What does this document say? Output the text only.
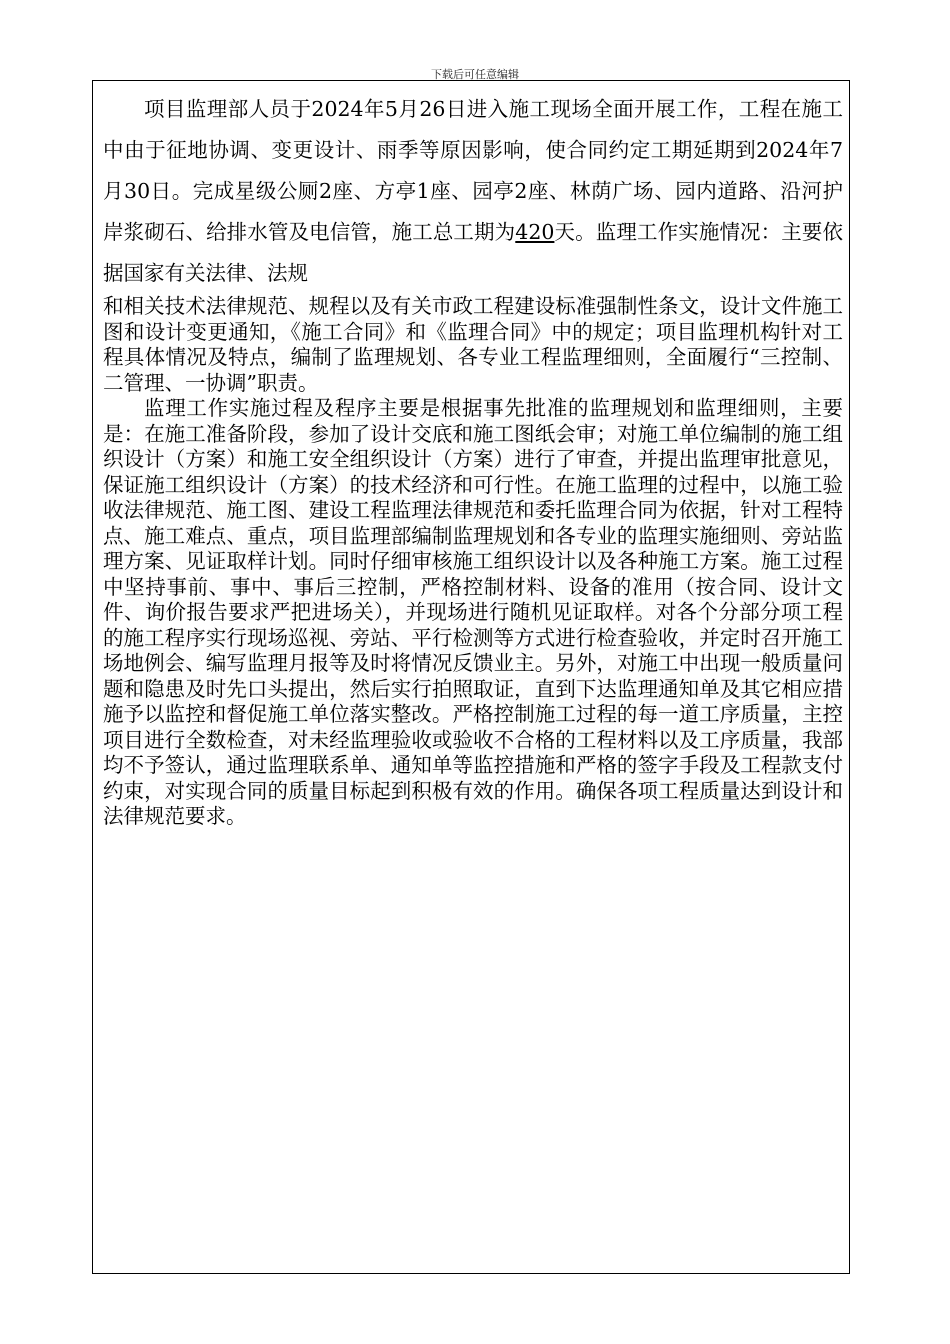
下载后可任意编辑

项目监理部人员于2024年5月26日进入施工现场全面开展工作，工程在施工中由于征地协调、变更设计、雨季等原因影响，使合同约定工期延期到2024年7月30日。完成星级公厕2座、方亭1座、园亭2座、林荫广场、园内道路、沿河护岸浆砌石、给排水管及电信管，施工总工期为420天。监理工作实施情况：主要依据国家有关法律、法规
和相关技术法律规范、规程以及有关市政工程建设标准强制性条文，设计文件施工图和设计变更通知，《施工合同》和《监理合同》中的规定；项目监理机构针对工程具体情况及特点，编制了监理规划、各专业工程监理细则，全面履行“三控制、二管理、一协调”职责。

监理工作实施过程及程序主要是根据事先批准的监理规划和监理细则，主要是：在施工准备阶段，参加了设计交底和施工图纸会审；对施工单位编制的施工组织设计（方案）和施工安全组织设计（方案）进行了审查，并提出监理审批意见，保证施工组织设计（方案）的技术经济和可行性。在施工监理的过程中，以施工验收法律规范、施工图、建设工程监理法律规范和委托监理合同为依据，针对工程特点、施工难点、重点，项目监理部编制监理规划和各专业的监理实施细则、旁站监理方案、见证取样计划。同时仔细审核施工组织设计以及各种施工方案。施工过程中坚持事前、事中、事后三控制，严格控制材料、设备的准用（按合同、设计文件、询价报告要求严把进场关），并现场进行随机见证取样。对各个分部分项工程的施工程序实行现场巡视、旁站、平行检测等方式进行检查验收，并定时召开施工场地例会、编写监理月报等及时将情况反馈业主。另外，对施工中出现一般质量问题和隐患及时先口头提出，然后实行拍照取证，直到下达监理通知单及其它相应措施予以监控和督促施工单位落实整改。严格控制施工过程的每一道工序质量，主控项目进行全数检查，对未经监理验收或验收不合格的工程材料以及工序质量，我部均不予签认，通过监理联系单、通知单等监控措施和严格的签字手段及工程款支付约束，对实现合同的质量目标起到积极有效的作用。确保各项工程质量达到设计和法律规范要求。
